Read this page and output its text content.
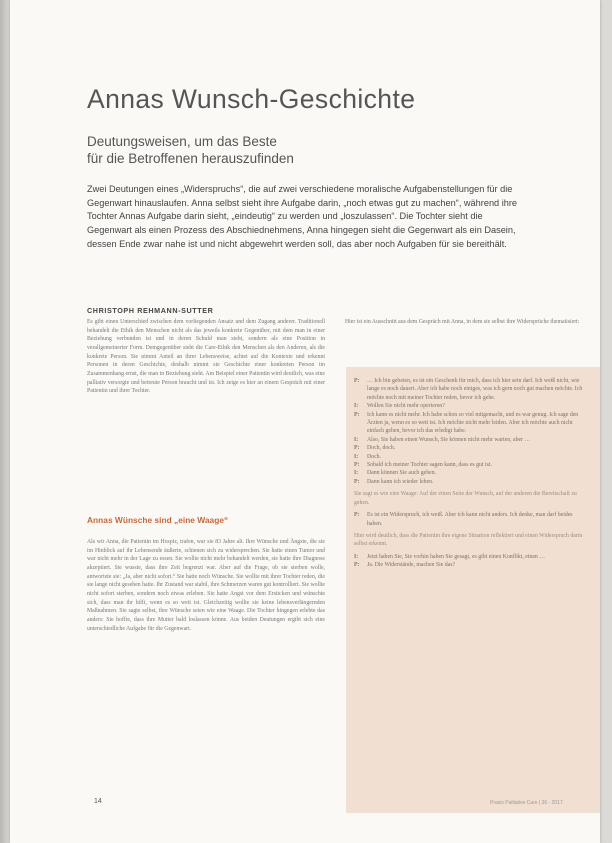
Annas Wunsch-Geschichte
Deutungsweisen, um das Beste
für die Betroffenen herauszufinden

Zwei Deutungen eines „Widerspruchs“, die auf zwei verschiedene moralische Aufgabenstellungen für die Gegenwart hinauslaufen. Anna selbst sieht ihre Aufgabe darin, „noch etwas gut zu machen“, während ihre Tochter Annas Aufgabe darin sieht, „eindeutig“ zu werden und „loszulassen“. Die Tochter sieht die Gegenwart als einen Prozess des Abschiednehmens, Anna hingegen sieht die Gegenwart als ein Dasein, dessen Ende zwar nahe ist und nicht abgewehrt werden soll, das aber noch Aufgaben für sie bereithält.

CHRISTOPH REHMANN-SUTTER

Es gibt einen Unterschied zwischen dem vorliegenden Ansatz und dem Zugang anderer. Traditionell behandelt die Ethik den Menschen nicht als das jeweils konkrete Gegenüber, mit dem man in einer Beziehung verbunden ist und in deren Schuld man steht, sondern als eine Position in verallgemeinerter Form. Demgegenüber sieht die Care-Ethik den Menschen als den Anderen, als die konkrete Person. Sie nimmt Anteil an ihrer Lebensweise, achtet auf die Kontexte und erkennt Personen in deren Geschichte, deshalb nimmt sie Geschichte einer konkreten Person im Zusammenhang ernst, die man in Beziehung sieht. Am Beispiel einer Patientin wird deutlich, was eine palliativ versorgte und betreute Person braucht und ist. Ich zeige es hier an einem Gespräch mit einer Patientin und ihrer Tochter.

Annas Wünsche sind „eine Waage“

Als wir Anna, die Patientin im Hospiz, trafen, war sie 83 Jahre alt. Ihre Wünsche und Ängste, die sie im Hinblick auf ihr Lebensende äußerte, schienen sich zu widersprechen. Sie hatte einen Tumor und war nicht mehr in der Lage zu essen. Sie wollte nicht mehr behandelt werden, sie hatte ihre Diagnose akzeptiert. Sie wusste, dass ihre Zeit begrenzt war. Aber auf die Frage, ob sie sterben wolle, antwortete sie: „Ja, aber nicht sofort.“ Sie hatte noch Wünsche. Sie wollte mit ihrer Tochter reden, die sie lange nicht gesehen hatte. Ihr Zustand war stabil, ihre Schmerzen waren gut kontrolliert. Sie wollte nicht sofort sterben, sondern noch etwas erleben. Sie hatte Angst vor dem Ersticken und wünschte sich, dass man ihr hilft, wenn es so weit ist. Gleichzeitig wollte sie keine lebensverlängernden Maßnahmen. Sie sagte selbst, ihre Wünsche seien wie eine Waage. Die Tochter hingegen erlebte das anders: Sie hoffte, dass ihre Mutter bald loslassen könne. Aus beiden Deutungen ergibt sich eine unterschiedliche Aufgabe für die Gegenwart.

Hier ist ein Ausschnitt aus dem Gespräch mit Anna, in dem sie selbst ihre Widersprüche thematisiert:

P: … Ich bin gebeten, es ist ein Geschenk für mich, dass ich hier sein darf. Ich weiß nicht, wie lange es noch dauert. Aber ich habe noch einiges, was ich gern noch gut machen möchte. Ich möchte noch mit meiner Tochter reden, bevor ich gehe.
I: Wollen Sie nicht mehr operieren?
P: Ich kann es nicht mehr. Ich habe schon so viel mitgemacht, und es war genug. Ich sage den Ärzten ja, wenn es so weit ist. Ich möchte nicht mehr leiden. Aber ich möchte auch nicht einfach gehen, bevor ich das erledigt habe.
I: Also, Sie haben einen Wunsch, Sie können nicht mehr warten, aber …
P: Doch, doch.
I: Doch.
P: Sobald ich meiner Tochter sagen kann, dass es gut ist.
I: Dann können Sie auch gehen.
P: Dann kann ich wieder leben.
Sie sagt es wie eine Waage: Auf der einen Seite der Wunsch, auf der anderen die Bereitschaft zu gehen.
P: Es ist ein Widerspruch, ich weiß. Aber ich kann nicht anders. Ich denke, man darf beides haben.
Hier wird deutlich, dass die Patientin ihre eigene Situation reflektiert und einen Widerspruch darin selbst erkennt.
I: Jetzt haben Sie, Sie vorhin haben Sie gesagt, es gibt einen Konflikt, einen …
P: Ja. Die Widerstände, machen Sie das?

14	Praxis Palliative Care | 36 · 2017
